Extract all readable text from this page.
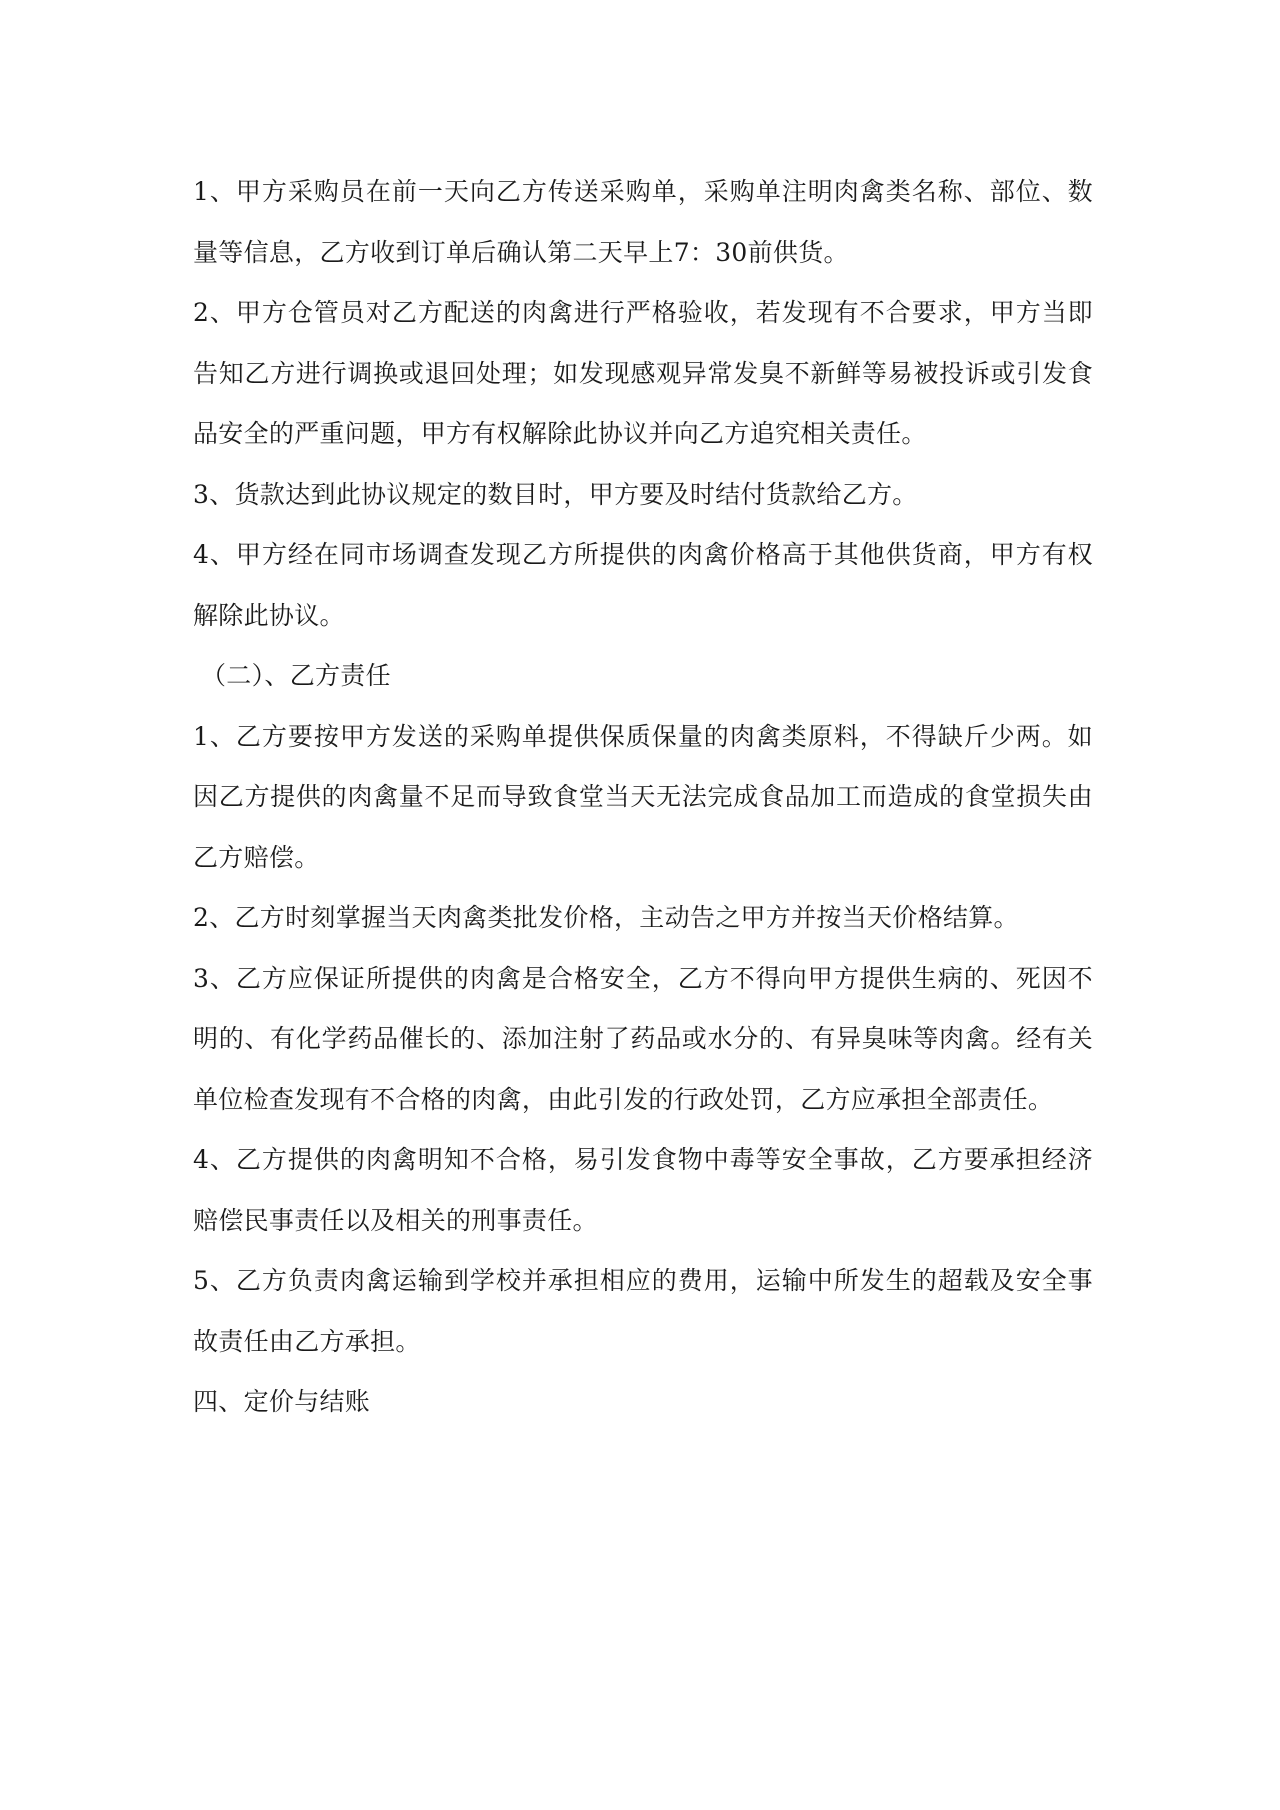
1、甲方采购员在前一天向乙方传送采购单，采购单注明肉禽类名称、部位、数量等信息，乙方收到订单后确认第二天早上7：30前供货。

2、甲方仓管员对乙方配送的肉禽进行严格验收，若发现有不合要求，甲方当即告知乙方进行调换或退回处理；如发现感观异常发臭不新鲜等易被投诉或引发食品安全的严重问题，甲方有权解除此协议并向乙方追究相关责任。

3、货款达到此协议规定的数目时，甲方要及时结付货款给乙方。

4、甲方经在同市场调查发现乙方所提供的肉禽价格高于其他供货商，甲方有权解除此协议。

（二）、乙方责任

1、乙方要按甲方发送的采购单提供保质保量的肉禽类原料，不得缺斤少两。如因乙方提供的肉禽量不足而导致食堂当天无法完成食品加工而造成的食堂损失由乙方赔偿。

2、乙方时刻掌握当天肉禽类批发价格，主动告之甲方并按当天价格结算。

3、乙方应保证所提供的肉禽是合格安全，乙方不得向甲方提供生病的、死因不明的、有化学药品催长的、添加注射了药品或水分的、有异臭味等肉禽。经有关单位检查发现有不合格的肉禽，由此引发的行政处罚，乙方应承担全部责任。

4、乙方提供的肉禽明知不合格，易引发食物中毒等安全事故，乙方要承担经济赔偿民事责任以及相关的刑事责任。

5、乙方负责肉禽运输到学校并承担相应的费用，运输中所发生的超载及安全事故责任由乙方承担。

四、定价与结账
